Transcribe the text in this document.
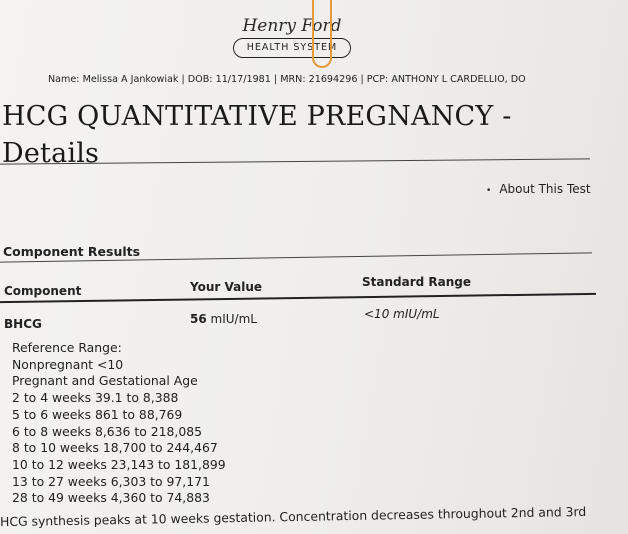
Henry Ford
HEALTH SYSTEM
Name: Melissa A Jankowiak | DOB: 11/17/1981 | MRN: 21694296 | PCP: ANTHONY L CARDELLIO, DO
HCG QUANTITATIVE PREGNANCY -
Details
• About This Test
Component Results
Component	Your Value	Standard Range
BHCG	56 mIU/mL	<10 mIU/mL
Reference Range:
Nonpregnant <10
Pregnant and Gestational Age
2 to 4 weeks 39.1 to 8,388
5 to 6 weeks 861 to 88,769
6 to 8 weeks 8,636 to 218,085
8 to 10 weeks 18,700 to 244,467
10 to 12 weeks 23,143 to 181,899
13 to 27 weeks 6,303 to 97,171
28 to 49 weeks 4,360 to 74,883
HCG synthesis peaks at 10 weeks gestation. Concentration decreases throughout 2nd and 3rd
